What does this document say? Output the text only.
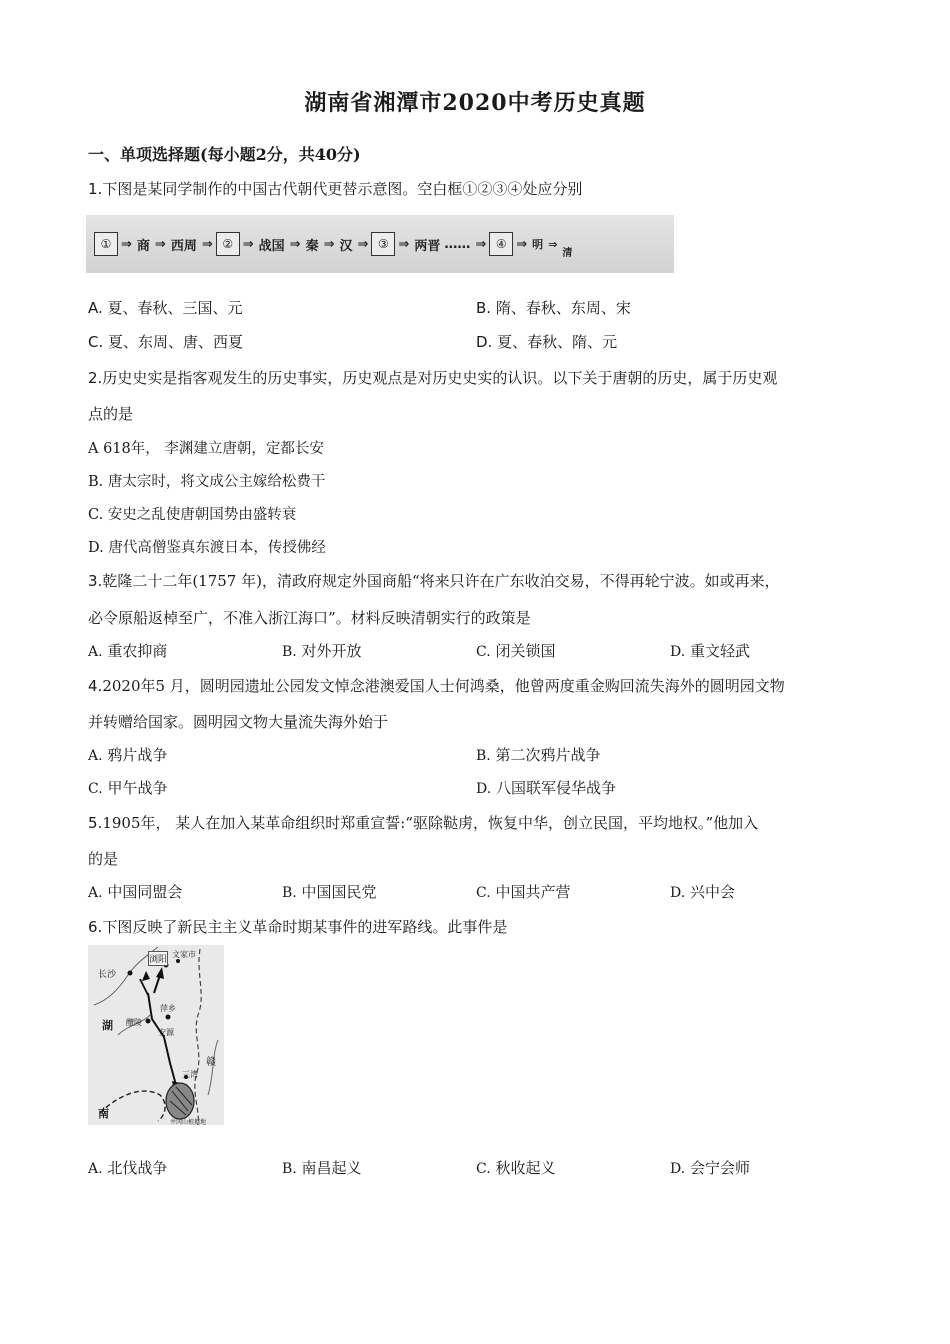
湖南省湘潭市2020中考历史真题
一、单项选择题(每小题2分，共40分)
1.下图是某同学制作的中国古代朝代更替示意图。空白框①②③④处应分别
① ⇒ 商 ⇒ 西周 ⇒ ② ⇒ 战国 ⇒ 秦 ⇒ 汉 ⇒ ③ ⇒ 两晋 …… ⇒ ④ ⇒ 明 ⇒
清
A. 夏、春秋、三国、元	B. 隋、春秋、东周、宋
C. 夏、东周、唐、西夏	D. 夏、春秋、隋、元
2.历史史实是指客观发生的历史事实，历史观点是对历史史实的认识。以下关于唐朝的历史，属于历史观
点的是
A 618年， 李渊建立唐朝，定都长安
B. 唐太宗时，将文成公主嫁给松费干
C. 安史之乱使唐朝国势由盛转衰
D. 唐代高僧鉴真东渡日本，传授佛经
3.乾隆二十二年(1757 年)，清政府规定外国商船“将来只许在广东收泊交易，不得再轮宁波。如或再来，
必令原船返棹至广，不准入浙江海口”。材料反映清朝实行的政策是
A. 重农抑商	B. 对外开放	C. 闭关锁国	D. 重文轻武
4.2020年5 月，圆明园遗址公园发文悼念港澳爱国人士何鸿桑，他曾两度重金购回流失海外的圆明园文物
并转赠给国家。圆明园文物大量流失海外始于
A. 鸦片战争	B. 第二次鸦片战争
C. 甲午战争	D. 八国联军侵华战争
5.1905年， 某人在加入某革命组织时郑重宣誓:“驱除鞑虏，恢复中华，创立民国，平均地权。”他加入
的是
A. 中国同盟会	B. 中国国民党	C. 中国共产营	D. 兴中会
6.下图反映了新民主主义革命时期某事件的进军路线。此事件是
长沙
浏阳
文家市
醴陵
萍乡
安源
三湾
井冈山根据地
湖
南
赣
A. 北伐战争	B. 南昌起义	C. 秋收起义	D. 会宁会师
